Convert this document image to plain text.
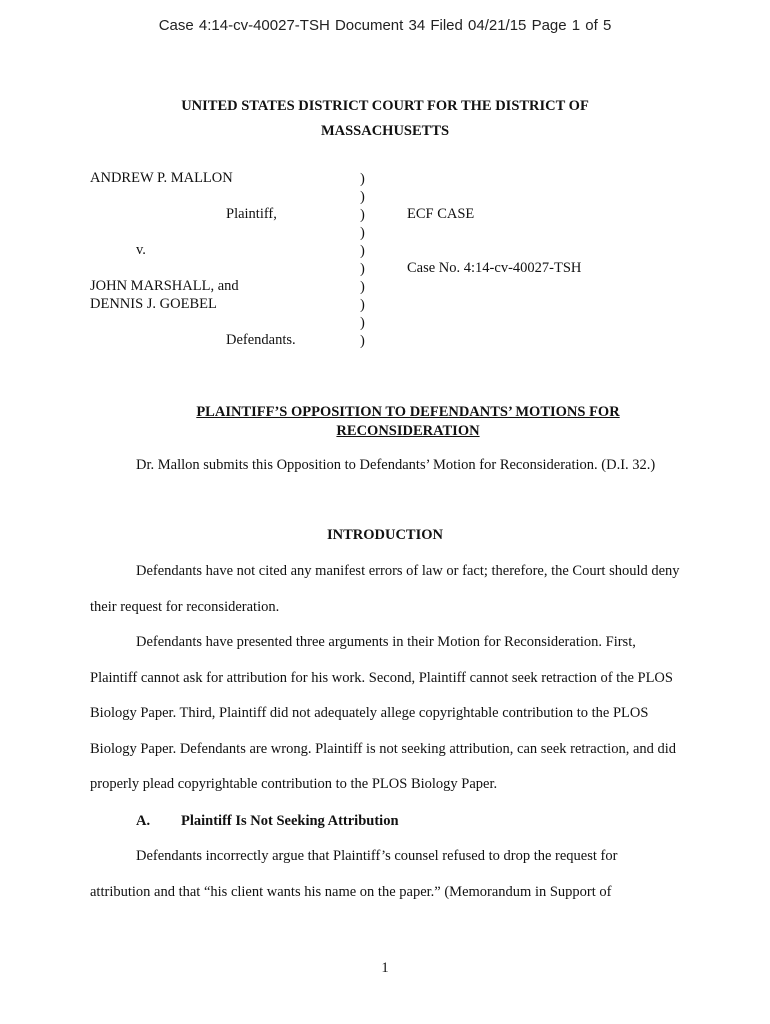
Case 4:14-cv-40027-TSH Document 34 Filed 04/21/15 Page 1 of 5
UNITED STATES DISTRICT COURT FOR THE DISTRICT OF
MASSACHUSETTS
ANDREW P. MALLON
Plaintiff,
v.
JOHN MARSHALL, and
DENNIS J. GOEBEL
Defendants.
)
)
)
)
)
)
)
)
)
)
ECF CASE
Case No. 4:14-cv-40027-TSH
PLAINTIFF’S OPPOSITION TO DEFENDANTS’ MOTIONS FOR
RECONSIDERATION

Dr. Mallon submits this Opposition to Defendants’ Motion for Reconsideration. (D.I. 32.)

INTRODUCTION

Defendants have not cited any manifest errors of law or fact; therefore, the Court should deny their request for reconsideration.

Defendants have presented three arguments in their Motion for Reconsideration. First, Plaintiff cannot ask for attribution for his work. Second, Plaintiff cannot seek retraction of the PLOS Biology Paper. Third, Plaintiff did not adequately allege copyrightable contribution to the PLOS Biology Paper. Defendants are wrong. Plaintiff is not seeking attribution, can seek retraction, and did properly plead copyrightable contribution to the PLOS Biology Paper.

A. Plaintiff Is Not Seeking Attribution

Defendants incorrectly argue that Plaintiff’s counsel refused to drop the request for attribution and that “his client wants his name on the paper.” (Memorandum in Support of

1
